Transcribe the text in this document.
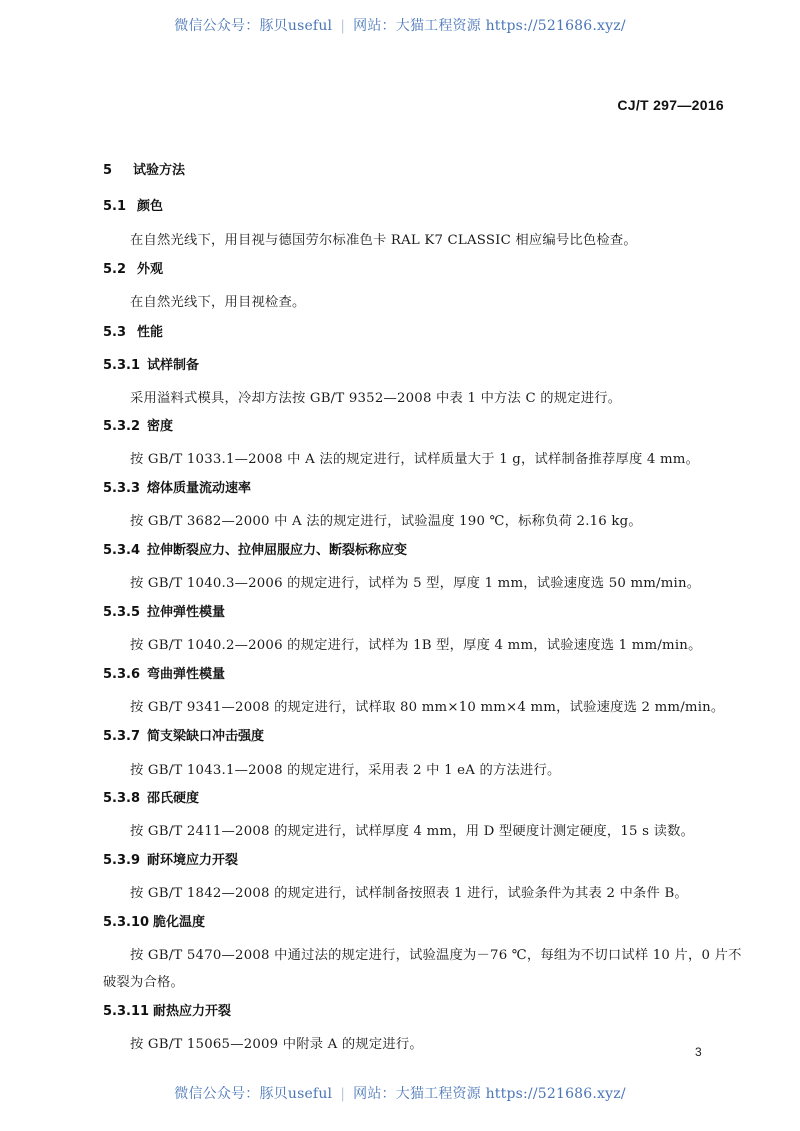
微信公众号：豚贝useful | 网站：大猫工程资源 https://521686.xyz/
CJ/T 297—2016
5 试验方法
5.1 颜色
在自然光线下，用目视与德国劳尔标准色卡 RAL K7 CLASSIC 相应编号比色检查。
5.2 外观
在自然光线下，用目视检查。
5.3 性能
5.3.1 试样制备
采用溢料式模具，冷却方法按 GB/T 9352—2008 中表 1 中方法 C 的规定进行。
5.3.2 密度
按 GB/T 1033.1—2008 中 A 法的规定进行，试样质量大于 1 g，试样制备推荐厚度 4 mm。
5.3.3 熔体质量流动速率
按 GB/T 3682—2000 中 A 法的规定进行，试验温度 190 ℃，标称负荷 2.16 kg。
5.3.4 拉伸断裂应力、拉伸屈服应力、断裂标称应变
按 GB/T 1040.3—2006 的规定进行，试样为 5 型，厚度 1 mm，试验速度选 50 mm/min。
5.3.5 拉伸弹性模量
按 GB/T 1040.2—2006 的规定进行，试样为 1B 型，厚度 4 mm，试验速度选 1 mm/min。
5.3.6 弯曲弹性模量
按 GB/T 9341—2008 的规定进行，试样取 80 mm×10 mm×4 mm，试验速度选 2 mm/min。
5.3.7 简支梁缺口冲击强度
按 GB/T 1043.1—2008 的规定进行，采用表 2 中 1 eA 的方法进行。
5.3.8 邵氏硬度
按 GB/T 2411—2008 的规定进行，试样厚度 4 mm，用 D 型硬度计测定硬度，15 s 读数。
5.3.9 耐环境应力开裂
按 GB/T 1842—2008 的规定进行，试样制备按照表 1 进行，试验条件为其表 2 中条件 B。
5.3.10 脆化温度
按 GB/T 5470—2008 中通过法的规定进行，试验温度为－76 ℃，每组为不切口试样 10 片，0 片不
破裂为合格。
5.3.11 耐热应力开裂
按 GB/T 15065—2009 中附录 A 的规定进行。	3
微信公众号：豚贝useful | 网站：大猫工程资源 https://521686.xyz/
